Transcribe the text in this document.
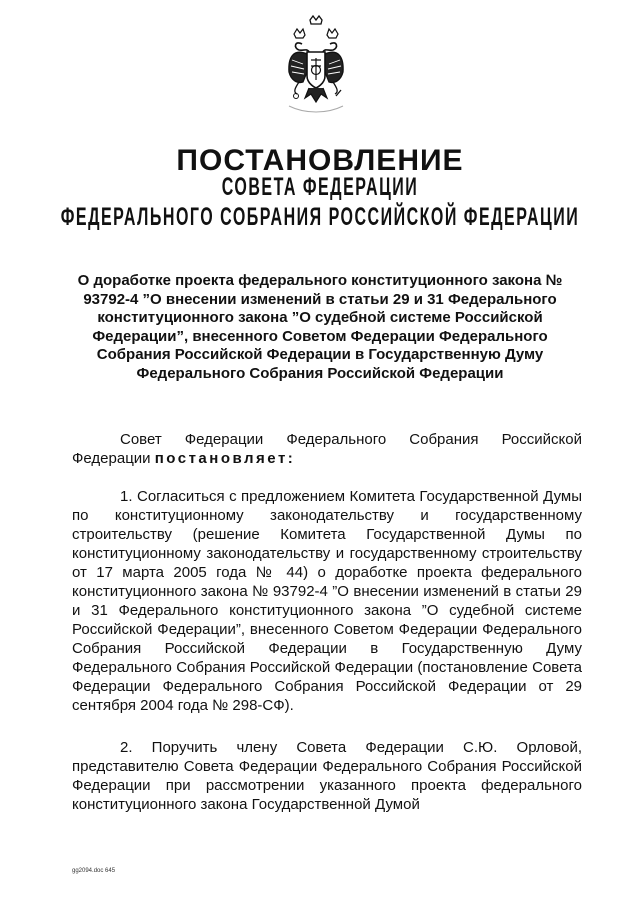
ПОСТАНОВЛЕНИЕ
СОВЕТА ФЕДЕРАЦИИ
ФЕДЕРАЛЬНОГО СОБРАНИЯ РОССИЙСКОЙ ФЕДЕРАЦИИ
О доработке проекта федерального конституционного закона № 93792-4 ”О внесении изменений в статьи 29 и 31 Федерального конституционного закона ”О судебной системе Российской Федерации”, внесенного Советом Федерации Федерального Собрания Российской Федерации в Государственную Думу Федерального Собрания Российской Федерации
Совет Федерации Федерального Собрания Российской Федерации постановляет:
1. Согласиться с предложением Комитета Государственной Думы по конституционному законодательству и государственному строительству (решение Комитета Государственной Думы по конституционному законодательству и государственному строительству от 17 марта 2005 года № 44) о доработке проекта федерального конституционного закона № 93792-4 ”О внесении изменений в статьи 29 и 31 Федерального конституционного закона ”О судебной системе Российской Федерации”, внесенного Советом Федерации Федерального Собрания Российской Федерации в Государственную Думу Федерального Собрания Российской Федерации (постановление Совета Федерации Федерального Собрания Российской Федерации от 29 сентября 2004 года № 298-СФ).
2. Поручить члену Совета Федерации С.Ю. Орловой, представителю Совета Федерации Федерального Собрания Российской Федерации при рассмотрении указанного проекта федерального конституционного закона Государственной Думой
gg2094.doc 645
